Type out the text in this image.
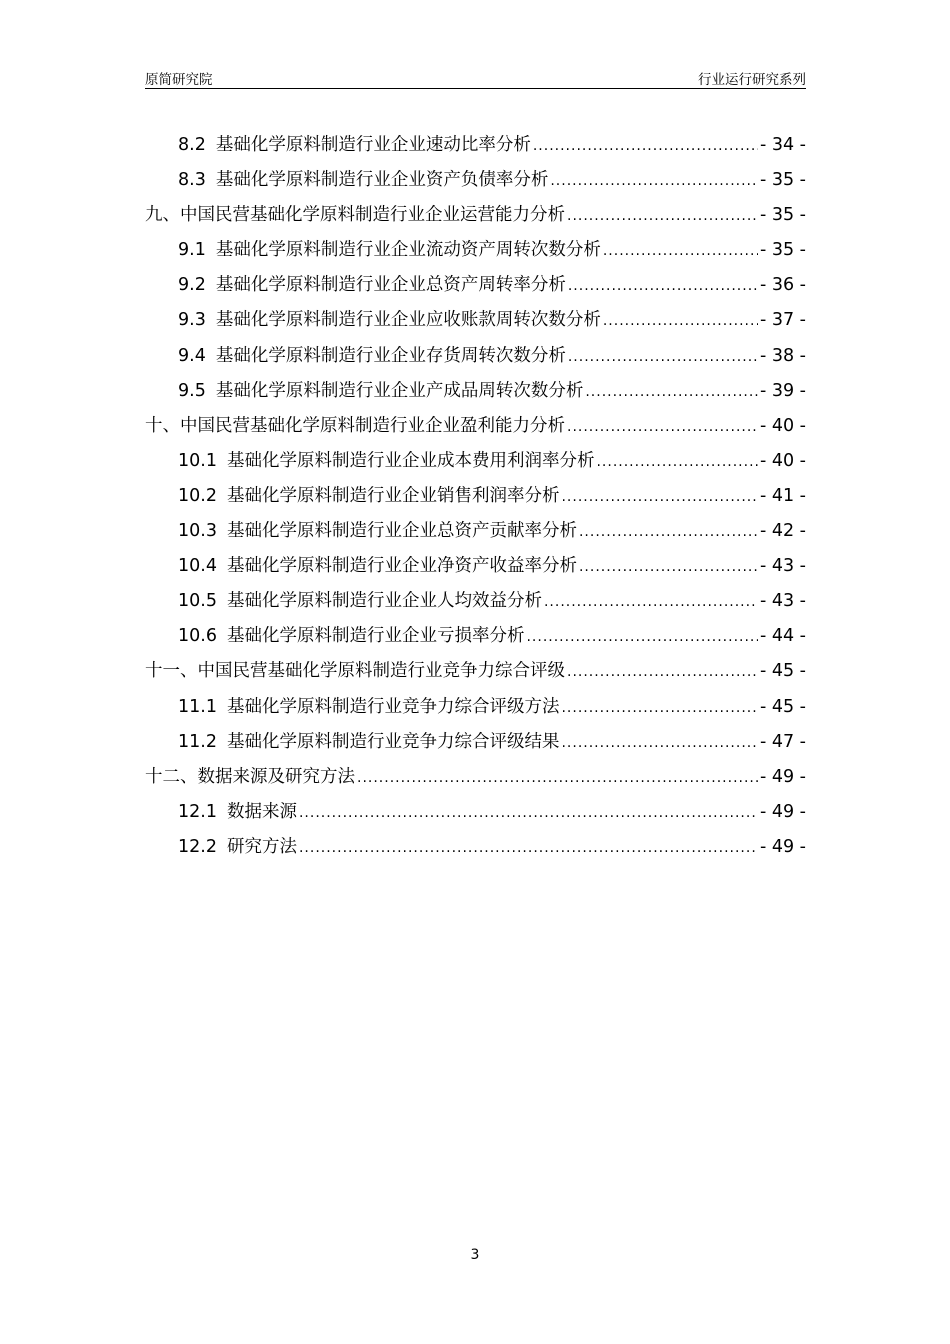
原简研究院	行业运行研究系列
8.2 基础化学原料制造行业企业速动比率分析 .....	- 34 -
8.3 基础化学原料制造行业企业资产负债率分析 .....	- 35 -
九、中国民营基础化学原料制造行业企业运营能力分析 .....	- 35 -
9.1 基础化学原料制造行业企业流动资产周转次数分析 .....	- 35 -
9.2 基础化学原料制造行业企业总资产周转率分析 .....	- 36 -
9.3 基础化学原料制造行业企业应收账款周转次数分析 .....	- 37 -
9.4 基础化学原料制造行业企业存货周转次数分析 .....	- 38 -
9.5 基础化学原料制造行业企业产成品周转次数分析 .....	- 39 -
十、中国民营基础化学原料制造行业企业盈利能力分析 .....	- 40 -
10.1 基础化学原料制造行业企业成本费用利润率分析 .....	- 40 -
10.2 基础化学原料制造行业企业销售利润率分析 .....	- 41 -
10.3 基础化学原料制造行业企业总资产贡献率分析 .....	- 42 -
10.4 基础化学原料制造行业企业净资产收益率分析 .....	- 43 -
10.5 基础化学原料制造行业企业人均效益分析 .....	- 43 -
10.6 基础化学原料制造行业企业亏损率分析 .....	- 44 -
十一、中国民营基础化学原料制造行业竞争力综合评级 .....	- 45 -
11.1 基础化学原料制造行业竞争力综合评级方法 .....	- 45 -
11.2 基础化学原料制造行业竞争力综合评级结果 .....	- 47 -
十二、数据来源及研究方法 .....	- 49 -
12.1 数据来源 .....	- 49 -
12.2 研究方法 .....	- 49 -
3
